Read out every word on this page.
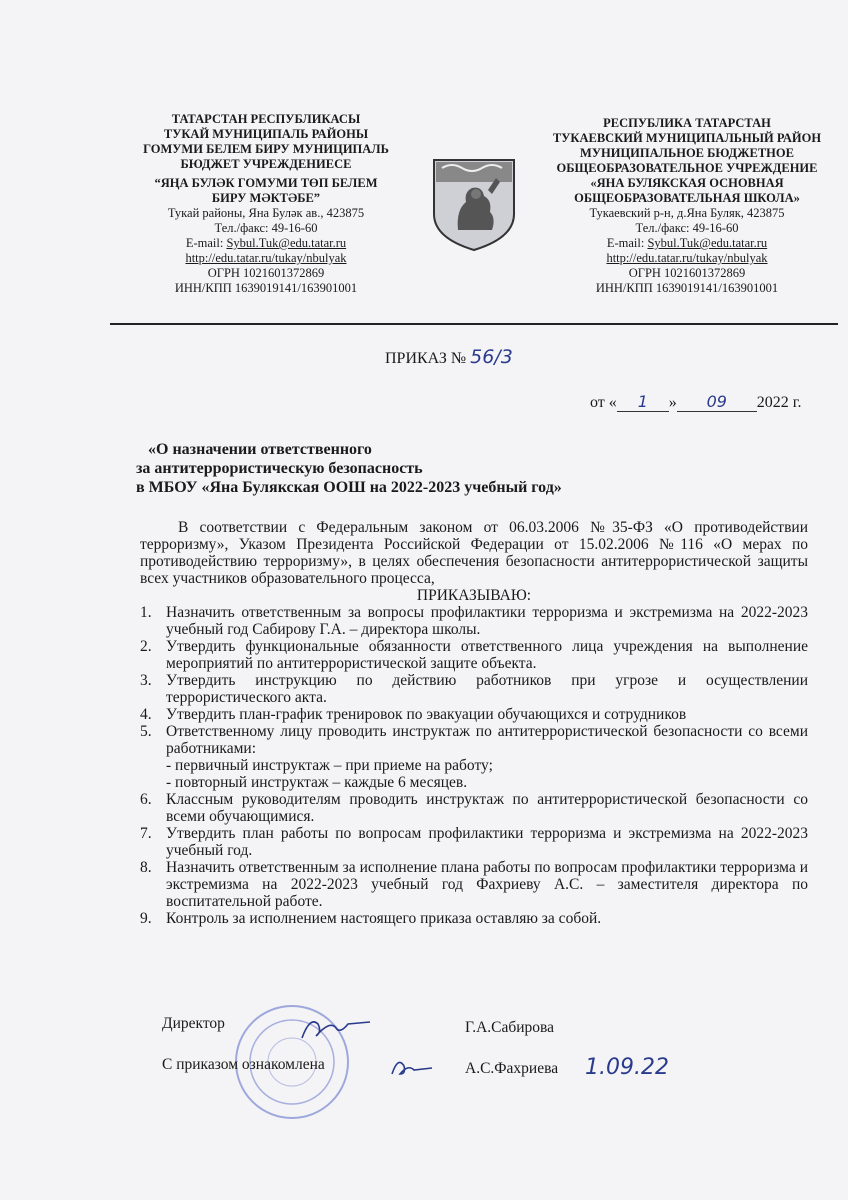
ТАТАРСТАН РЕСПУБЛИКАСЫ
ТУКАЙ МУНИЦИПАЛЬ РАЙОНЫ
ГОМУМИ БЕЛЕМ БИРУ МУНИЦИПАЛЬ
БЮДЖЕТ УЧРЕЖДЕНИЕСЕ
“ЯҢА БУЛӘК ГОМУМИ ТӨП БЕЛЕМ
БИРУ МӘКТӘБЕ”
Тукай районы, Яна Буләк ав., 423875
Тел./факс: 49-16-60
E-mail: Sybul.Tuk@edu.tatar.ru
http://edu.tatar.ru/tukay/nbulyak
ОГРН 1021601372869
ИНН/КПП 1639019141/163901001
РЕСПУБЛИКА ТАТАРСТАН
ТУКАЕВСКИЙ МУНИЦИПАЛЬНЫЙ РАЙОН
МУНИЦИПАЛЬНОЕ БЮДЖЕТНОЕ
ОБЩЕОБРАЗОВАТЕЛЬНОЕ УЧРЕЖДЕНИЕ
«ЯНА БУЛЯКСКАЯ ОСНОВНАЯ
ОБЩЕОБРАЗОВАТЕЛЬНАЯ ШКОЛА»
Тукаевский р-н, д.Яна Буляк, 423875
Тел./факс: 49-16-60
E-mail: Sybul.Tuk@edu.tatar.ru
http://edu.tatar.ru/tukay/nbulyak
ОГРН 1021601372869
ИНН/КПП 1639019141/163901001
ПРИКАЗ № 56/3
от « 1 » 09 2022 г.
«О назначении ответственного
за антитеррористическую безопасность
в МБОУ «Яна Булякская ООШ на 2022-2023 учебный год»
В соответствии с Федеральным законом от 06.03.2006 №35-ФЗ «О противодействии терроризму», Указом Президента Российской Федерации от 15.02.2006 №116 «О мерах по противодействию терроризму», в целях обеспечения безопасности антитеррористической защиты всех участников образовательного процесса,
ПРИКАЗЫВАЮ:
1. Назначить ответственным за вопросы профилактики терроризма и экстремизма на 2022-2023 учебный год Сабирову Г.А. – директора школы.
2. Утвердить функциональные обязанности ответственного лица учреждения на выполнение мероприятий по антитеррористической защите объекта.
3. Утвердить инструкцию по действию работников при угрозе и осуществлении террористического акта.
4. Утвердить план-график тренировок по эвакуации обучающихся и сотрудников
5. Ответственному лицу проводить инструктаж по антитеррористической безопасности со всеми работниками:
- первичный инструктаж – при приеме на работу;
- повторный инструктаж – каждые 6 месяцев.
6. Классным руководителям проводить инструктаж по антитеррористической безопасности со всеми обучающимися.
7. Утвердить план работы по вопросам профилактики терроризма и экстремизма на 2022-2023 учебный год.
8. Назначить ответственным за исполнение плана работы по вопросам профилактики терроризма и экстремизма на 2022-2023 учебный год Фахриеву А.С. – заместителя директора по воспитательной работе.
9. Контроль за исполнением настоящего приказа оставляю за собой.
Директор	Г.А.Сабирова
С приказом ознакомлена	А.С.Фахриева 1.09.22
